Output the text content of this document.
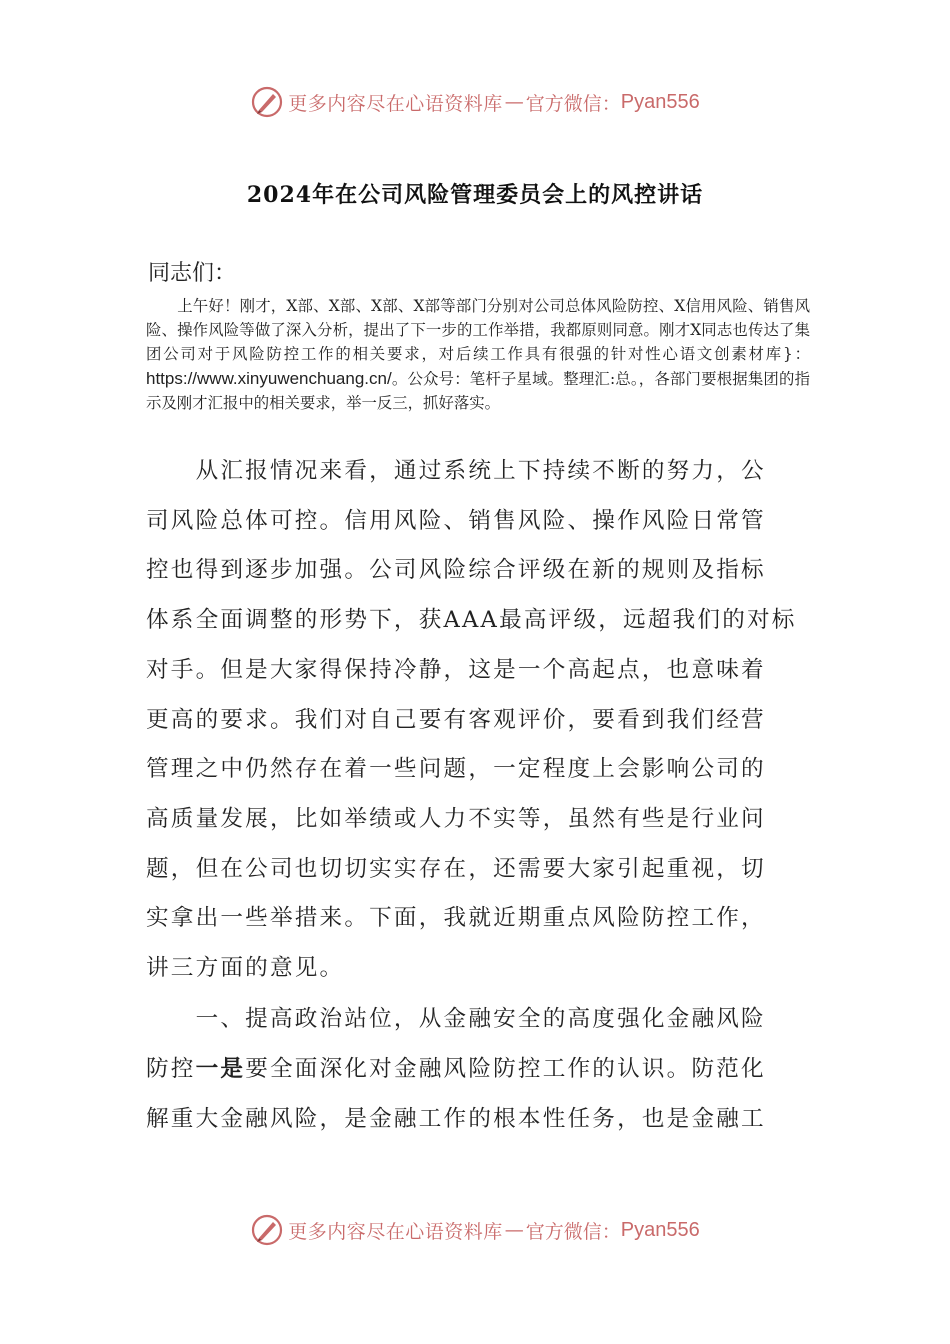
更多内容尽在心语资料库 — 官方微信： Pyan556
2024年在公司风险管理委员会上的风控讲话
同志们：
　　上午好！刚才，X部、X部、X部、X部等部门分别对公司总体风险防控、X信用风险、销售风险、操作风险等做了深入分析，提出了下一步的工作举措，我都原则同意。刚才X同志也传达了集团公司对于风险防控工作的相关要求，对后续工作具有很强的针对性心语文创素材库}：https://www.xinyuwenchuang.cn/。公众号：笔杆子星域。整理汇:总。，各部门要根据集团的指示及刚才汇报中的相关要求，举一反三，抓好落实。
　　从汇报情况来看，通过系统上下持续不断的努力，公
司风险总体可控。信用风险、销售风险、操作风险日常管
控也得到逐步加强。公司风险综合评级在新的规则及指标
体系全面调整的形势下，获AAA最高评级，远超我们的对标
对手。但是大家得保持冷静，这是一个高起点，也意味着
更高的要求。我们对自己要有客观评价，要看到我们经营
管理之中仍然存在着一些问题，一定程度上会影响公司的
高质量发展，比如举绩或人力不实等，虽然有些是行业问
题，但在公司也切切实实存在，还需要大家引起重视，切
实拿出一些举措来。下面，我就近期重点风险防控工作，
讲三方面的意见。
　　一、提高政治站位，从金融安全的高度强化金融风险
防控一是要全面深化对金融风险防控工作的认识。防范化
解重大金融风险，是金融工作的根本性任务，也是金融工
更多内容尽在心语资料库 — 官方微信： Pyan556
